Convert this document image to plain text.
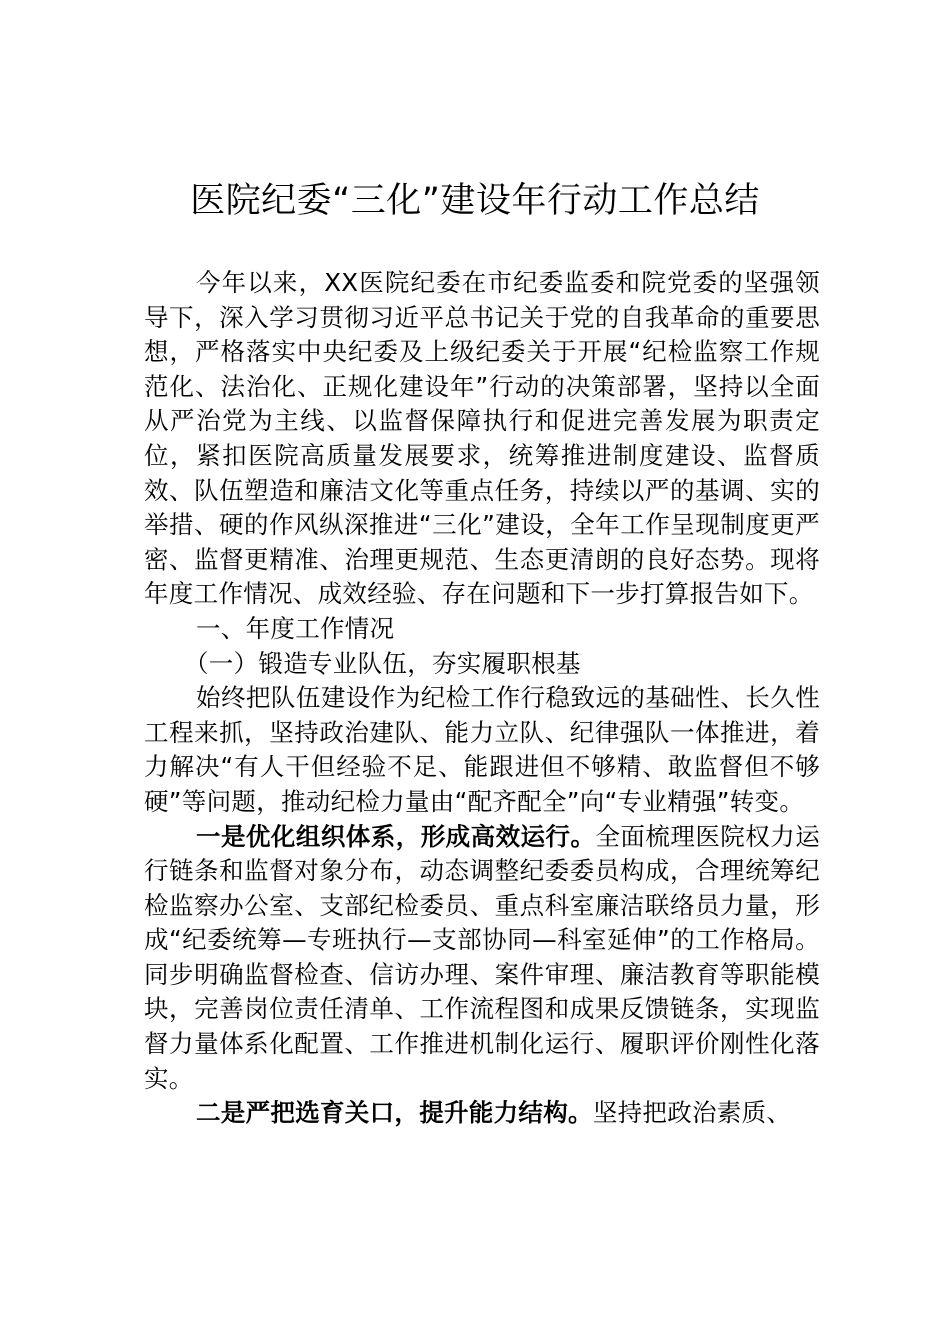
医院纪委“三化”建设年行动工作总结

今年以来，XX医院纪委在市纪委监委和院党委的坚强领导下，深入学习贯彻习近平总书记关于党的自我革命的重要思想，严格落实中央纪委及上级纪委关于开展“纪检监察工作规范化、法治化、正规化建设年”行动的决策部署，坚持以全面从严治党为主线、以监督保障执行和促进完善发展为职责定位，紧扣医院高质量发展要求，统筹推进制度建设、监督质效、队伍塑造和廉洁文化等重点任务，持续以严的基调、实的举措、硬的作风纵深推进“三化”建设，全年工作呈现制度更严密、监督更精准、治理更规范、生态更清朗的良好态势。现将年度工作情况、成效经验、存在问题和下一步打算报告如下。

一、年度工作情况

（一）锻造专业队伍，夯实履职根基

始终把队伍建设作为纪检工作行稳致远的基础性、长久性工程来抓，坚持政治建队、能力立队、纪律强队一体推进，着力解决“有人干但经验不足、能跟进但不够精、敢监督但不够硬”等问题，推动纪检力量由“配齐配全”向“专业精强”转变。

一是优化组织体系，形成高效运行。全面梳理医院权力运行链条和监督对象分布，动态调整纪委委员构成，合理统筹纪检监察办公室、支部纪检委员、重点科室廉洁联络员力量，形成“纪委统筹—专班执行—支部协同—科室延伸”的工作格局。同步明确监督检查、信访办理、案件审理、廉洁教育等职能模块，完善岗位责任清单、工作流程图和成果反馈链条，实现监督力量体系化配置、工作推进机制化运行、履职评价刚性化落实。

二是严把选育关口，提升能力结构。坚持把政治素质、
